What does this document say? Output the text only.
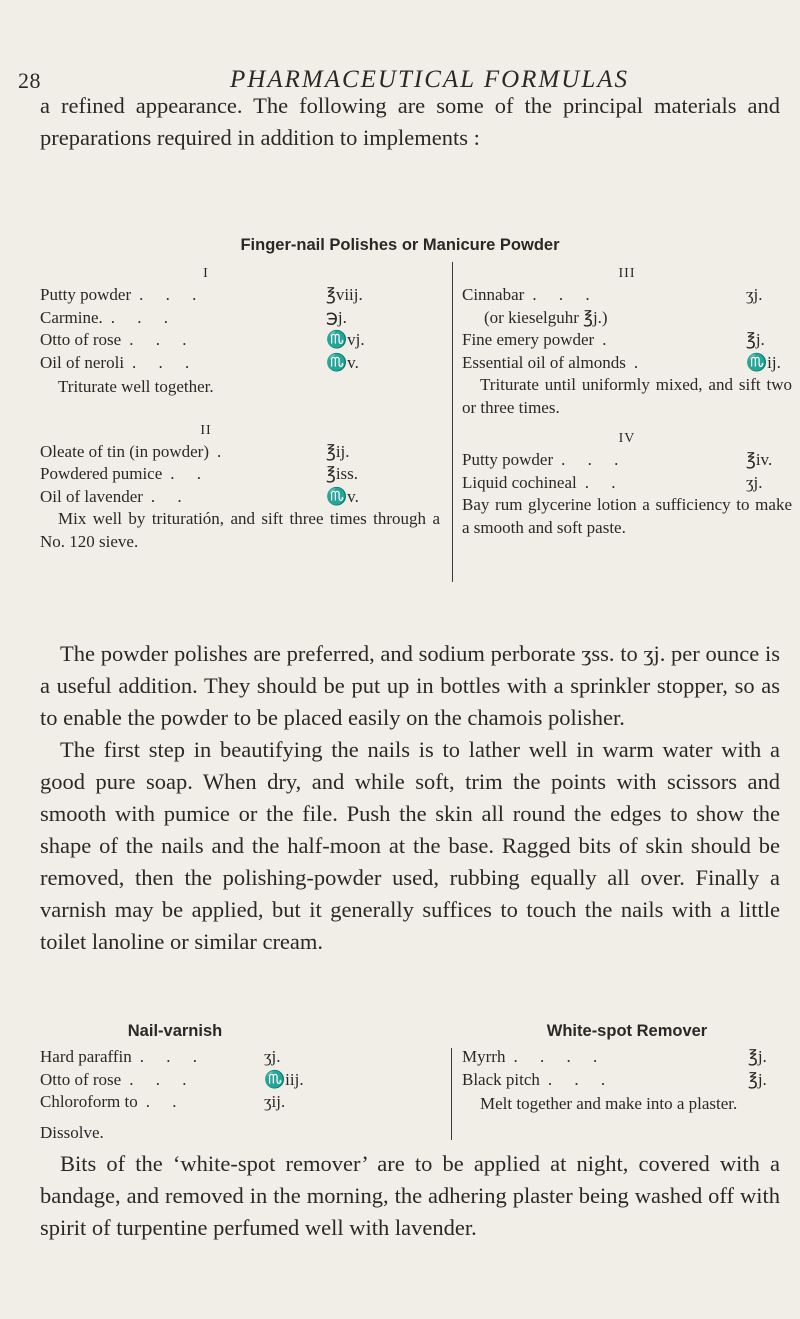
28	PHARMACEUTICAL FORMULAS

a refined appearance. The following are some of the principal materials and preparations required in addition to implements :

Finger-nail Polishes or Manicure Powder
I
Putty powder . . .	℥viij.
Carmine. . . .	℈j.
Otto of rose . . .	♏vj.
Oil of neroli . . .	♏v.
Triturate well together.
II
Oleate of tin (in powder) .	℥ij.
Powdered pumice . .	℥iss.
Oil of lavender . .	♏v.
Mix well by trituratión, and sift three times through a No. 120 sieve.
III
Cinnabar . . .	ʒj.
(or kieselguhr ℥j.)
Fine emery powder .	℥j.
Essential oil of almonds .	♏ij.
Triturate until uniformly mixed, and sift two or three times.
IV
Putty powder . . .	℥iv.
Liquid cochineal . .	ʒj.
Bay rum glycerine lotion a sufficiency to make a smooth and soft paste.

The powder polishes are preferred, and sodium perborate ʒss. to ʒj. per ounce is a useful addition. They should be put up in bottles with a sprinkler stopper, so as to enable the powder to be placed easily on the chamois polisher.

The first step in beautifying the nails is to lather well in warm water with a good pure soap. When dry, and while soft, trim the points with scissors and smooth with pumice or the file. Push the skin all round the edges to show the shape of the nails and the half-moon at the base. Ragged bits of skin should be removed, then the polishing-powder used, rubbing equally all over. Finally a varnish may be applied, but it generally suffices to touch the nails with a little toilet lanoline or similar cream.

Nail-varnish
Hard paraffin . . .	ʒj.
Otto of rose . . .	♏iij.
Chloroform to . .	ʒij.
Dissolve.
White-spot Remover
Myrrh . . . .	℥j.
Black pitch . . .	℥j.
Melt together and make into a plaster.

Bits of the ‘white-spot remover’ are to be applied at night, covered with a bandage, and removed in the morning, the adhering plaster being washed off with spirit of turpentine perfumed well with lavender.
